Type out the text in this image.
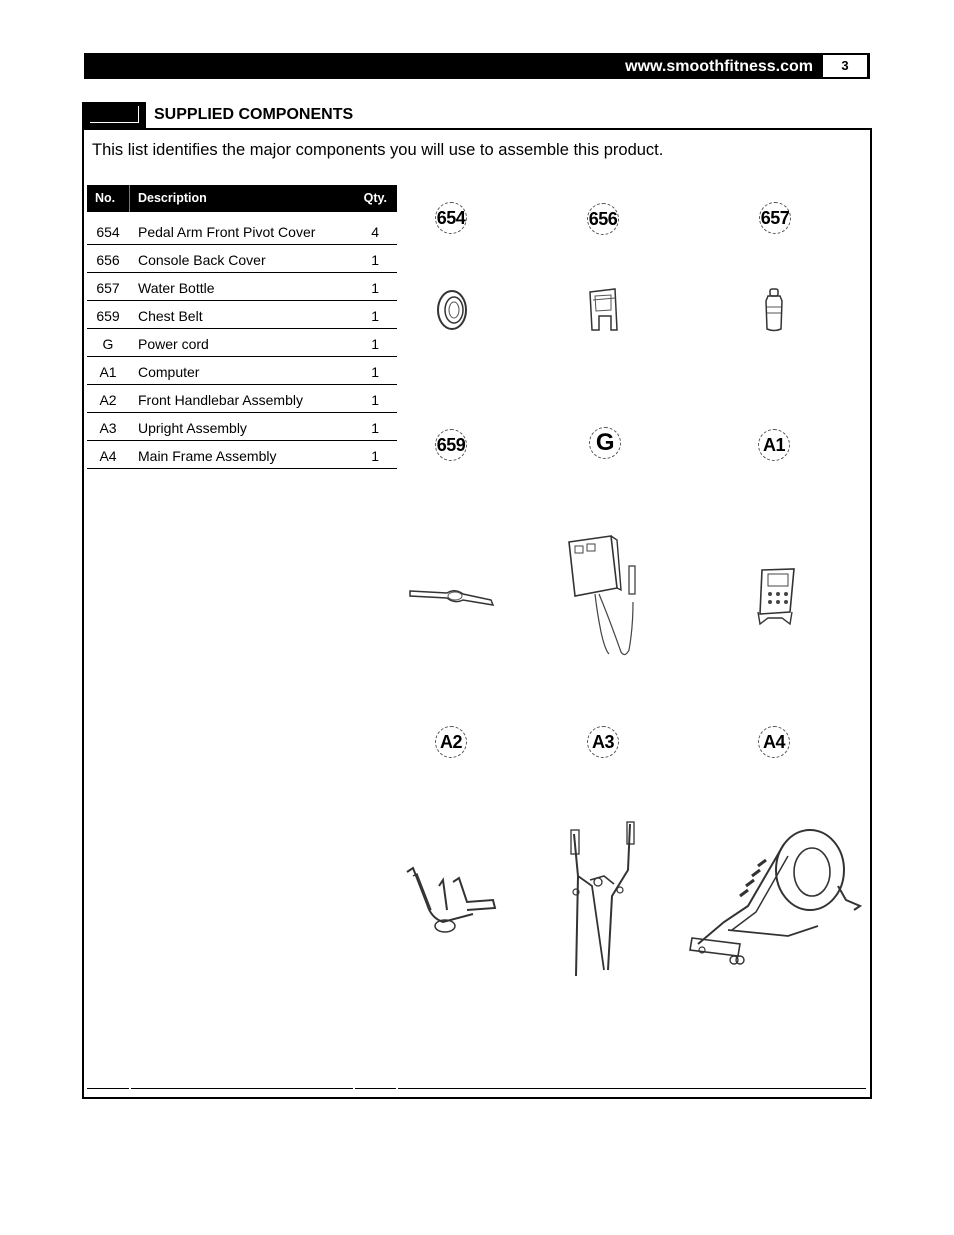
www.smoothfitness.com	3
SUPPLIED COMPONENTS
This list identifies the major components you will use to assemble this product.
No. Description	Qty.
654	Pedal Arm Front Pivot Cover	4
656	Console Back Cover	1
657	Water Bottle	1
659	Chest Belt	1
G	Power cord	1
A1	Computer	1
A2	Front Handlebar Assembly	1
A3	Upright Assembly	1
A4	Main Frame Assembly	1
654	656	657
659	G	A1
A2	A3	A4
